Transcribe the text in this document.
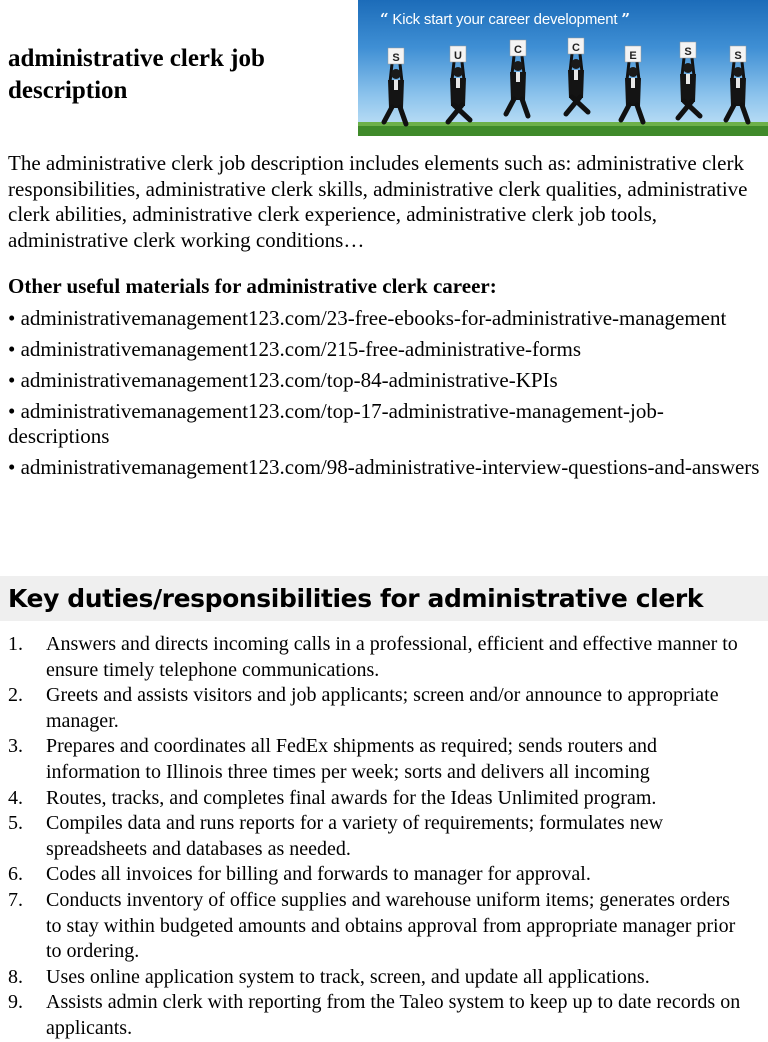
administrative clerk job description
S	U	C	C
E	S	S
“ Kick start your career development ”

The administrative clerk job description includes elements such as: administrative clerk responsibilities, administrative clerk skills, administrative clerk qualities, administrative clerk abilities, administrative clerk experience, administrative clerk job tools, administrative clerk working conditions…

Other useful materials for administrative clerk career:
• administrativemanagement123.com/23-free-ebooks-for-administrative-management
• administrativemanagement123.com/215-free-administrative-forms
• administrativemanagement123.com/top-84-administrative-KPIs
• administrativemanagement123.com/top-17-administrative-management-job-descriptions
• administrativemanagement123.com/98-administrative-interview-questions-and-answers
Key duties/responsibilities for administrative clerk
1.	Answers and directs incoming calls in a professional, efficient and effective manner to ensure timely telephone communications.
2.	Greets and assists visitors and job applicants; screen and/or announce to appropriate manager.
3.	Prepares and coordinates all FedEx shipments as required; sends routers and information to Illinois three times per week; sorts and delivers all incoming
4.	Routes, tracks, and completes final awards for the Ideas Unlimited program.
5.	Compiles data and runs reports for a variety of requirements; formulates new spreadsheets and databases as needed.
6.	Codes all invoices for billing and forwards to manager for approval.
7.	Conducts inventory of office supplies and warehouse uniform items; generates orders to stay within budgeted amounts and obtains approval from appropriate manager prior to ordering.
8.	Uses online application system to track, screen, and update all applications.
9.	Assists admin clerk with reporting from the Taleo system to keep up to date records on applicants.
